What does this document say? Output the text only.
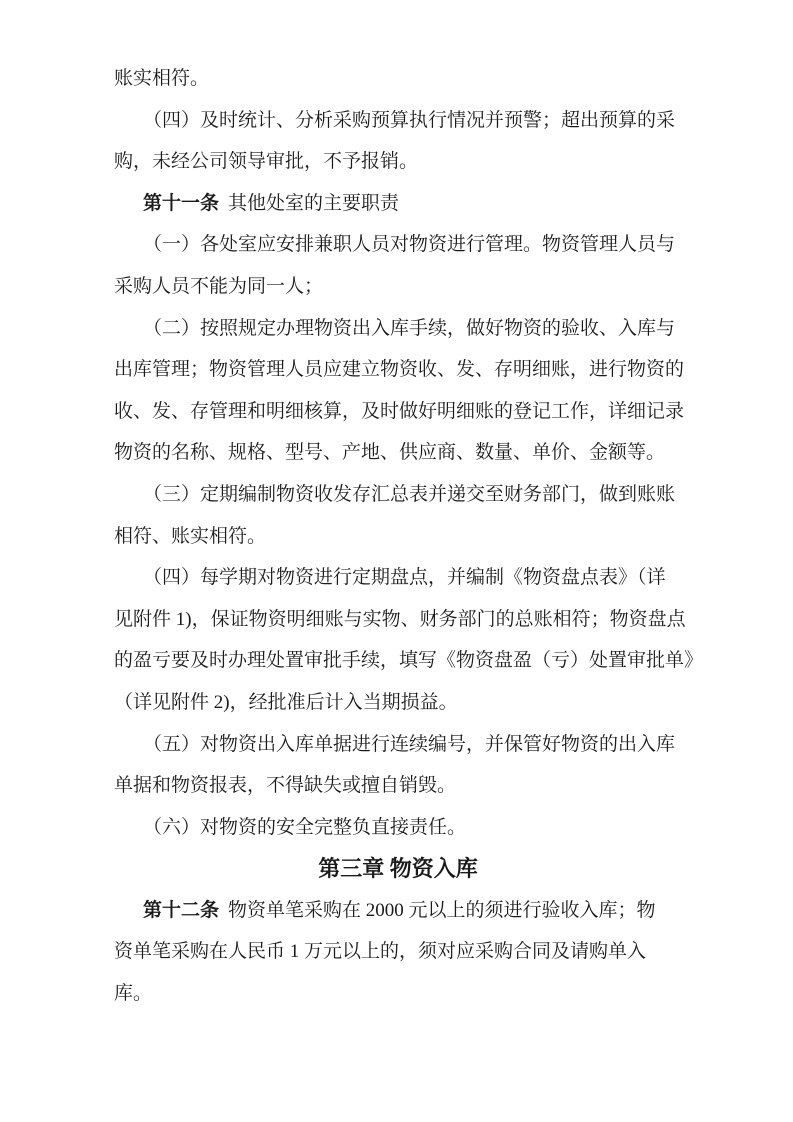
账实相符。

（四）及时统计、分析采购预算执行情况并预警；超出预算的采

购，未经公司领导审批，不予报销。

第十一条 其他处室的主要职责

（一）各处室应安排兼职人员对物资进行管理。物资管理人员与

采购人员不能为同一人；

（二）按照规定办理物资出入库手续，做好物资的验收、入库与

出库管理；物资管理人员应建立物资收、发、存明细账，进行物资的

收、发、存管理和明细核算，及时做好明细账的登记工作，详细记录

物资的名称、规格、型号、产地、供应商、数量、单价、金额等。

（三）定期编制物资收发存汇总表并递交至财务部门，做到账账

相符、账实相符。

（四）每学期对物资进行定期盘点，并编制《物资盘点表》（详

见附件 1)，保证物资明细账与实物、财务部门的总账相符；物资盘点

的盈亏要及时办理处置审批手续，填写《物资盘盈（亏）处置审批单》

（详见附件 2)，经批准后计入当期损益。

（五）对物资出入库单据进行连续编号，并保管好物资的出入库

单据和物资报表，不得缺失或擅自销毁。

（六）对物资的安全完整负直接责任。

第三章 物资入库

第十二条 物资单笔采购在 2000 元以上的须进行验收入库；物

资单笔采购在人民币 1 万元以上的，须对应采购合同及请购单入

库。
